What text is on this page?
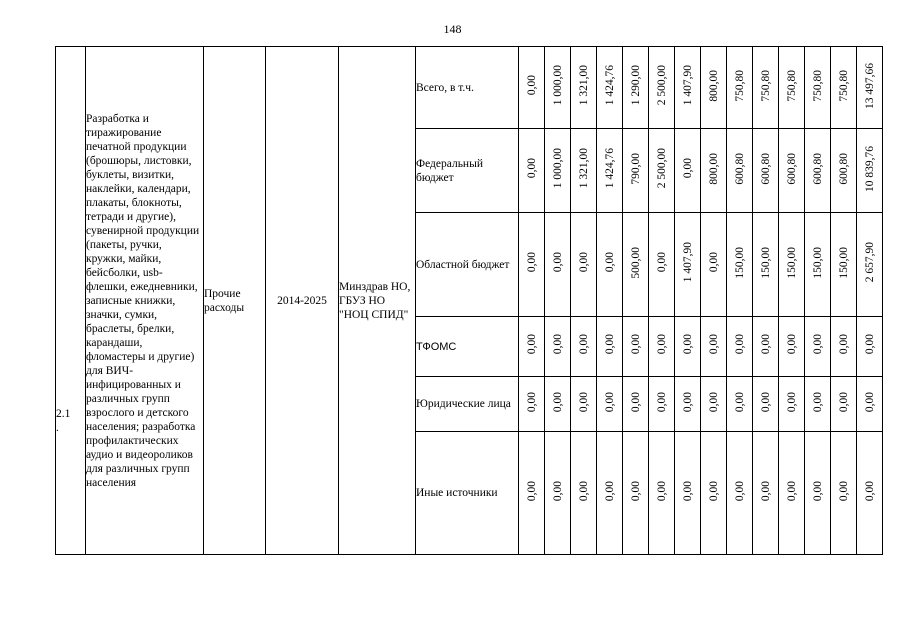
148
2.1
.	Разработка и тиражирование печатной продукции (брошюры, листовки, буклеты, визитки, наклейки, календари, плакаты, блокноты, тетради и другие), сувенирной продукции (пакеты, ручки, кружки, майки, бейсболки, usb-флешки, ежедневники, записные книжки, значки, сумки, браслеты, брелки, карандаши, фломастеры и другие) для ВИЧ-инфицированных и различных групп взрослого и детского населения; разработка профилактических аудио и видеороликов для различных групп населения	Прочие расходы	2014-2025	Минздрав НО, ГБУЗ НО "НОЦ СПИД"	Всего, в т.ч.	0,00	1 000,00	1 321,00	1 424,76	1 290,00	2 500,00	1 407,90	800,00	750,80	750,80	750,80	750,80	750,80	13 497,66
					Федеральный бюджет	0,00	1 000,00	1 321,00	1 424,76	790,00	2 500,00	0,00	800,00	600,80	600,80	600,80	600,80	600,80	10 839,76
					Областной бюджет	0,00	0,00	0,00	0,00	500,00	0,00	1 407,90	0,00	150,00	150,00	150,00	150,00	150,00	2 657,90
					ТФОМС	0,00	0,00	0,00	0,00	0,00	0,00	0,00	0,00	0,00	0,00	0,00	0,00	0,00	0,00
					Юридические лица	0,00	0,00	0,00	0,00	0,00	0,00	0,00	0,00	0,00	0,00	0,00	0,00	0,00	0,00
					Иные источники	0,00	0,00	0,00	0,00	0,00	0,00	0,00	0,00	0,00	0,00	0,00	0,00	0,00	0,00
